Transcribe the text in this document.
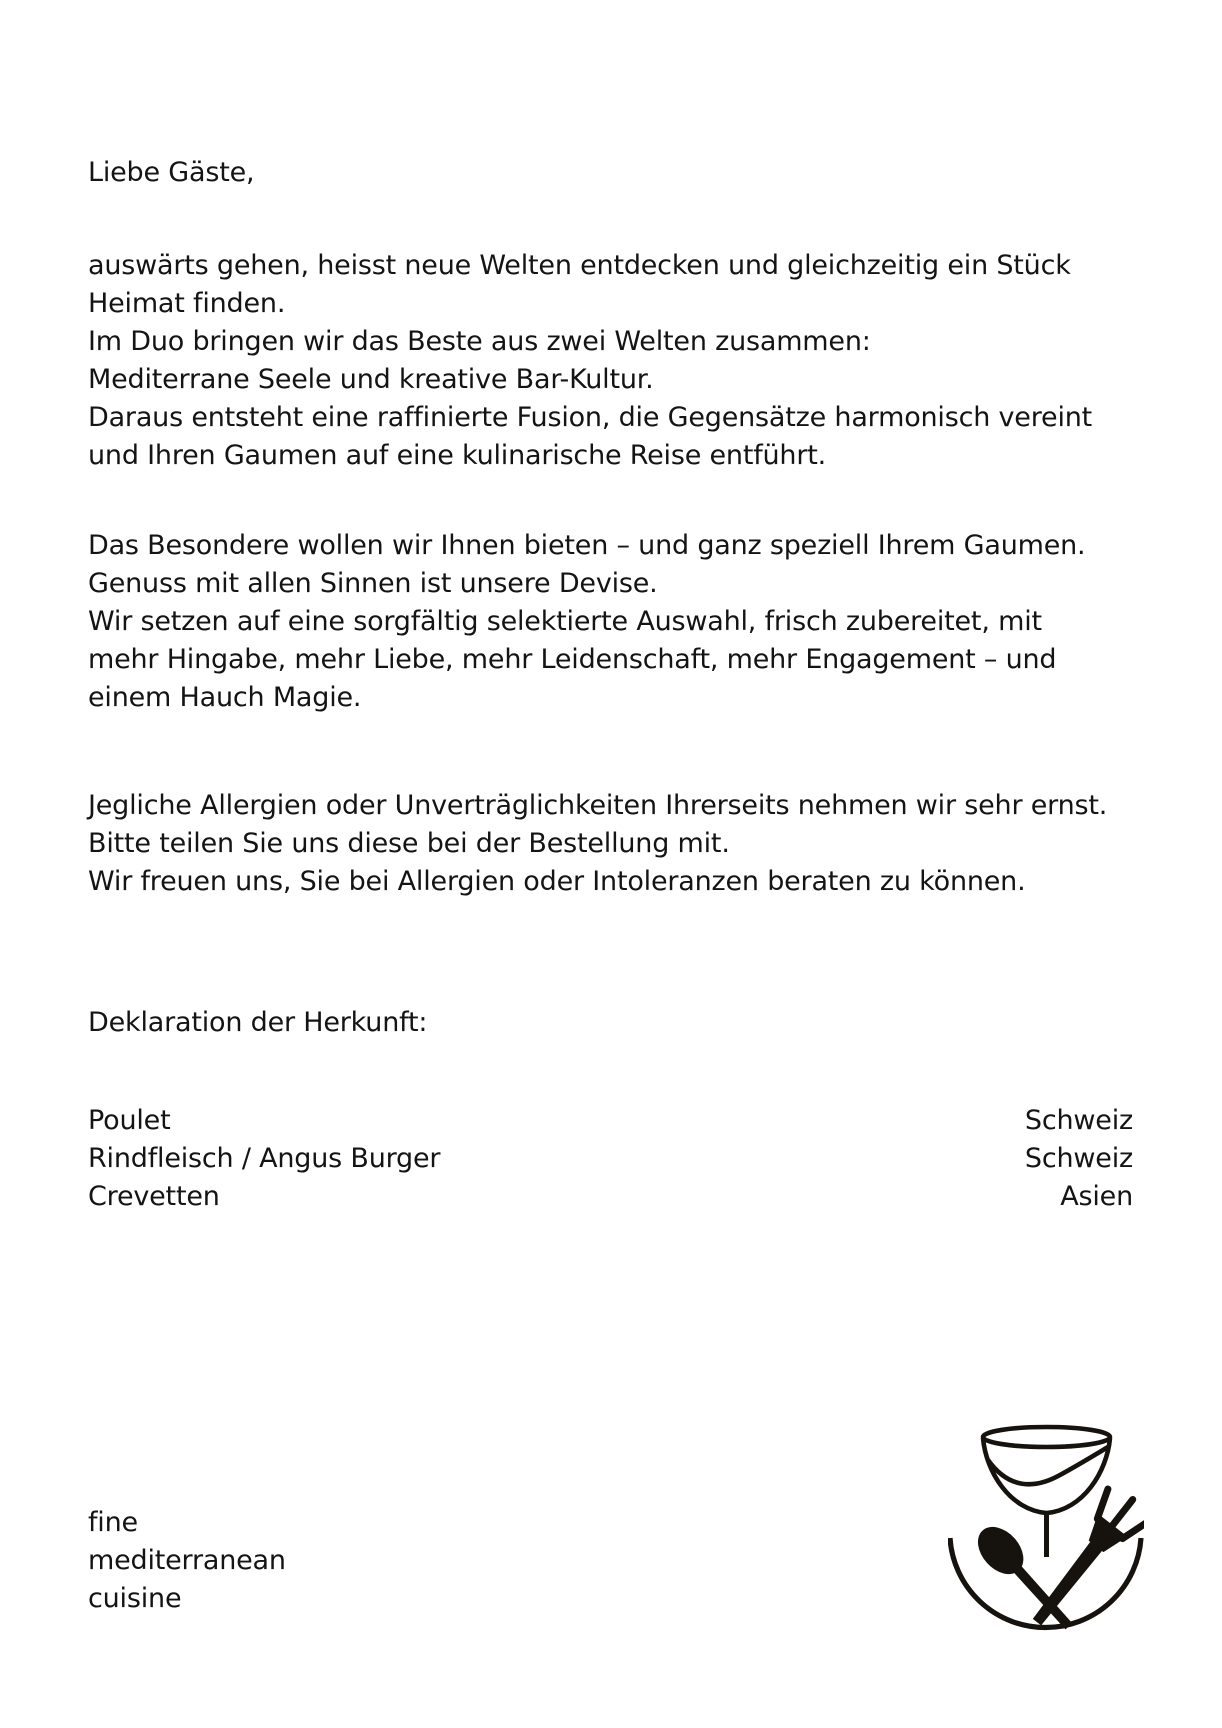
Liebe Gäste,
auswärts gehen, heisst neue Welten entdecken und gleichzeitig ein Stück
Heimat finden.
Im Duo bringen wir das Beste aus zwei Welten zusammen:
Mediterrane Seele und kreative Bar-Kultur.
Daraus entsteht eine raffinierte Fusion, die Gegensätze harmonisch vereint
und Ihren Gaumen auf eine kulinarische Reise entführt.
Das Besondere wollen wir Ihnen bieten – und ganz speziell Ihrem Gaumen.
Genuss mit allen Sinnen ist unsere Devise.
Wir setzen auf eine sorgfältig selektierte Auswahl, frisch zubereitet, mit
mehr Hingabe, mehr Liebe, mehr Leidenschaft, mehr Engagement – und
einem Hauch Magie.
Jegliche Allergien oder Unverträglichkeiten Ihrerseits nehmen wir sehr ernst.
Bitte teilen Sie uns diese bei der Bestellung mit.
Wir freuen uns, Sie bei Allergien oder Intoleranzen beraten zu können.
Deklaration der Herkunft:
Poulet	Schweiz
Rindfleisch / Angus Burger	Schweiz
Crevetten	Asien
fine
mediterranean
cuisine
